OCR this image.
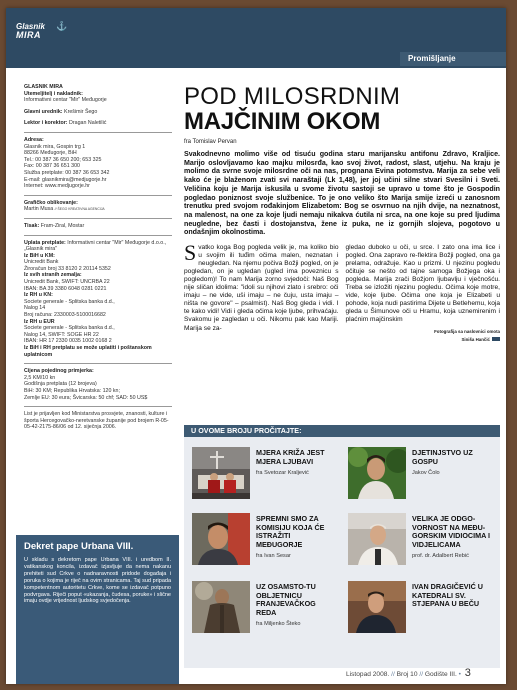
Glasnik
MIRA
⚓
Promišljanje
GLASNIK MIRA
Utemeljitelj i nakladnik:
Informativni centar "Mir" Međugorje
Glavni urednik: Krešimir Šego
Lektor i korektor: Dragan Naletilić
Adresa:
Glasnik mira, Gospin trg 1
88266 Međugorje, BiH
Tel.: 00 387 36 650 200; 653 325
Fax: 00 387 36 651 300
Služba pretplate: 00 387 36 653 342
E-mail: glasnikmira@medjugorje.hr
Internet: www.medjugorje.hr
Grafičko oblikovanje:
Martin Musa // ŠEGO KREATIVNA AGENCIJA
Tisak: Fram-Ziral, Mostar
Uplata pretplate: Informativni centar "Mir" Međugorje d.o.o., „Glasnik mira"
Iz BiH u KM:
Unicredit Bank
Žiroračun broj 33 8120 2 20114 5352
Iz svih stranih zemalja:
Unicredit Bank, SWIFT: UNCRBA 22
IBAN: BA 39 3380 6048 0281 0221
Iz RH u KN:
Societe generale - Splitska banka d.d.,
Nalog 14
Broj računa: 2330003-5100016682
Iz RH u EUR
Societe generale - Splitska banka d.d.,
Nalog 14, SWIFT: SOGE HR 22
IBAN: HR 17 2330 0035 1002 0168 2
Iz BiH i RH pretplatu se može uplatiti i poštanskom uplatnicom
Cijena pojedinog primjerka:
2,5 KM/10 kn
Godišnja pretplata (12 brojeva)
BiH: 30 KM; Republika Hrvatska: 120 kn;
Zemlje EU: 30 eura; Švicarska: 50 chf; SAD: 50 US$
List je prijavljen kod Ministarstva prosvjete, znanosti, kulture i športa Hercegovačko-neretvanske županije pod brojem R-05-05-42-2175-86/06 od 12. siječnja 2006.
Dekret pape Urbana VIII.

U skladu s dekretom pape Urbana VIII. i uredbom II. vatikanskog koncila, izdavač izjavljuje da nema nakanu prehiteti sud Crkve o nadnaravnosti pridode događaja i poruka o kojima je riječ na ovim stranicama. Taj sud pripada kompetentnom autoritetu Crkve, kome se izdavač potpuno podvrgava. Riječi poput «ukazanja, čudesa, poruke» i slične imaju ovdje vrijednost ljudskog svjedočenja.

POD MILOSRDNIM
MAJČINIM OKOM
fra Tomislav Pervan
Svakodnevno molimo više od tisuću godina staru marijansku antifonu Zdravo, Kraljice. Marijo oslovljavamo kao majku milosrđa, kao svoj život, radost, slast, utjehu. Na kraju je molimo da svrne svoje milosrdne oči na nas, prognana Evina potomstva. Marija za sebe veli kako će je blaženom zvati svi naraštaji (Lk 1,48), jer joj učini silne stvari Svesilni i Sveti. Veličina koju je Marija iskusila u svome životu sastoji se upravo u tome što je Gospodin pogledao poniznost svoje službenice. To je ono veliko što Marija smije izreći u zanosnom trenutku pred svojom rođakinjom Elizabetom: Bog se osvrnuo na njih dvije, na neznatnost, na malenost, na one za koje ljudi nemaju nikakva ćutila ni srca, na one koje su pred ljudima neugledne, bez časti i dostojanstva, žene iz puka, ne iz gornjih slojeva, pogotovo u ondašnjim okolnostima.
Svatko koga Bog pogleda velik je, ma koliko bio u svojim ili tuđim očima malen, neznatan i neugledan. Na njemu počiva Božji pogled, on je pogledan, on je ugledan (ugled ima poveznicu s pogledom)! To nam Marija zorno svjedoči: Naš Bog nije sličan idolima: "idoli su njihovi zlato i srebro: oči imaju – ne vide, uši imaju – ne čuju, usta imaju – ništa ne govore" – psalmist). Naš Bog gleda i vidi. I te kako vidi! Vidi i gleda očima koje ljube, prihvaćaju. Svakomu je zagledan u oči. Nikomu pak kao Mariji. Marija se za-
gledao duboko u oči, u srce. I zato ona ima lice i pogled. Ona zapravo re-flektira Božji pogled, ona ga prelama, odražuje. Kao u prizmi. U njezinu pogledu očituje se nešto od tajne samoga Božjega oka i pogleda. Marija zrači Božjom ljubavlju i vječnošću. Treba se izložiti njezinu pogledu. Očima koje motre, vide, koje ljube. Očima one koja je Elizabeti u pohode, koja nudi pastirima Dijete u Betlehemu, koja gleda u Šimunove oči u Hramu, koja uznemirenim i plaćnim majčinskim
Fotografija sa naslovnici omota
Siniša Hančić
U OVOME BROJU PROČITAJTE:
MJERA KRIŽA JEST MJERA LJUBAVI
fra Svetozar Kraljević
DJETINJSTVO UZ GOSPU
Jakov Čolo
SPREMNI SMO ZA KOMISIJU KOJA ĆE ISTRAŽITI MEĐUGORJE
fra Ivan Sesar
VELIKA JE ODGO-VORNOST NA MEĐU-GORSKIM VIDIOCIMA I VIDJELICAMA
prof. dr. Adalbert Rebić
UZ OSAMSTO-TU OBLJETNICU FRANJEVAČKOG REDA
fra Miljenko Šteko
IVAN DRAGIČEVIĆ U KATEDRALI SV. STJEPANA U BEČU
Listopad 2008. // Broj 10 // Godište III. • 3
